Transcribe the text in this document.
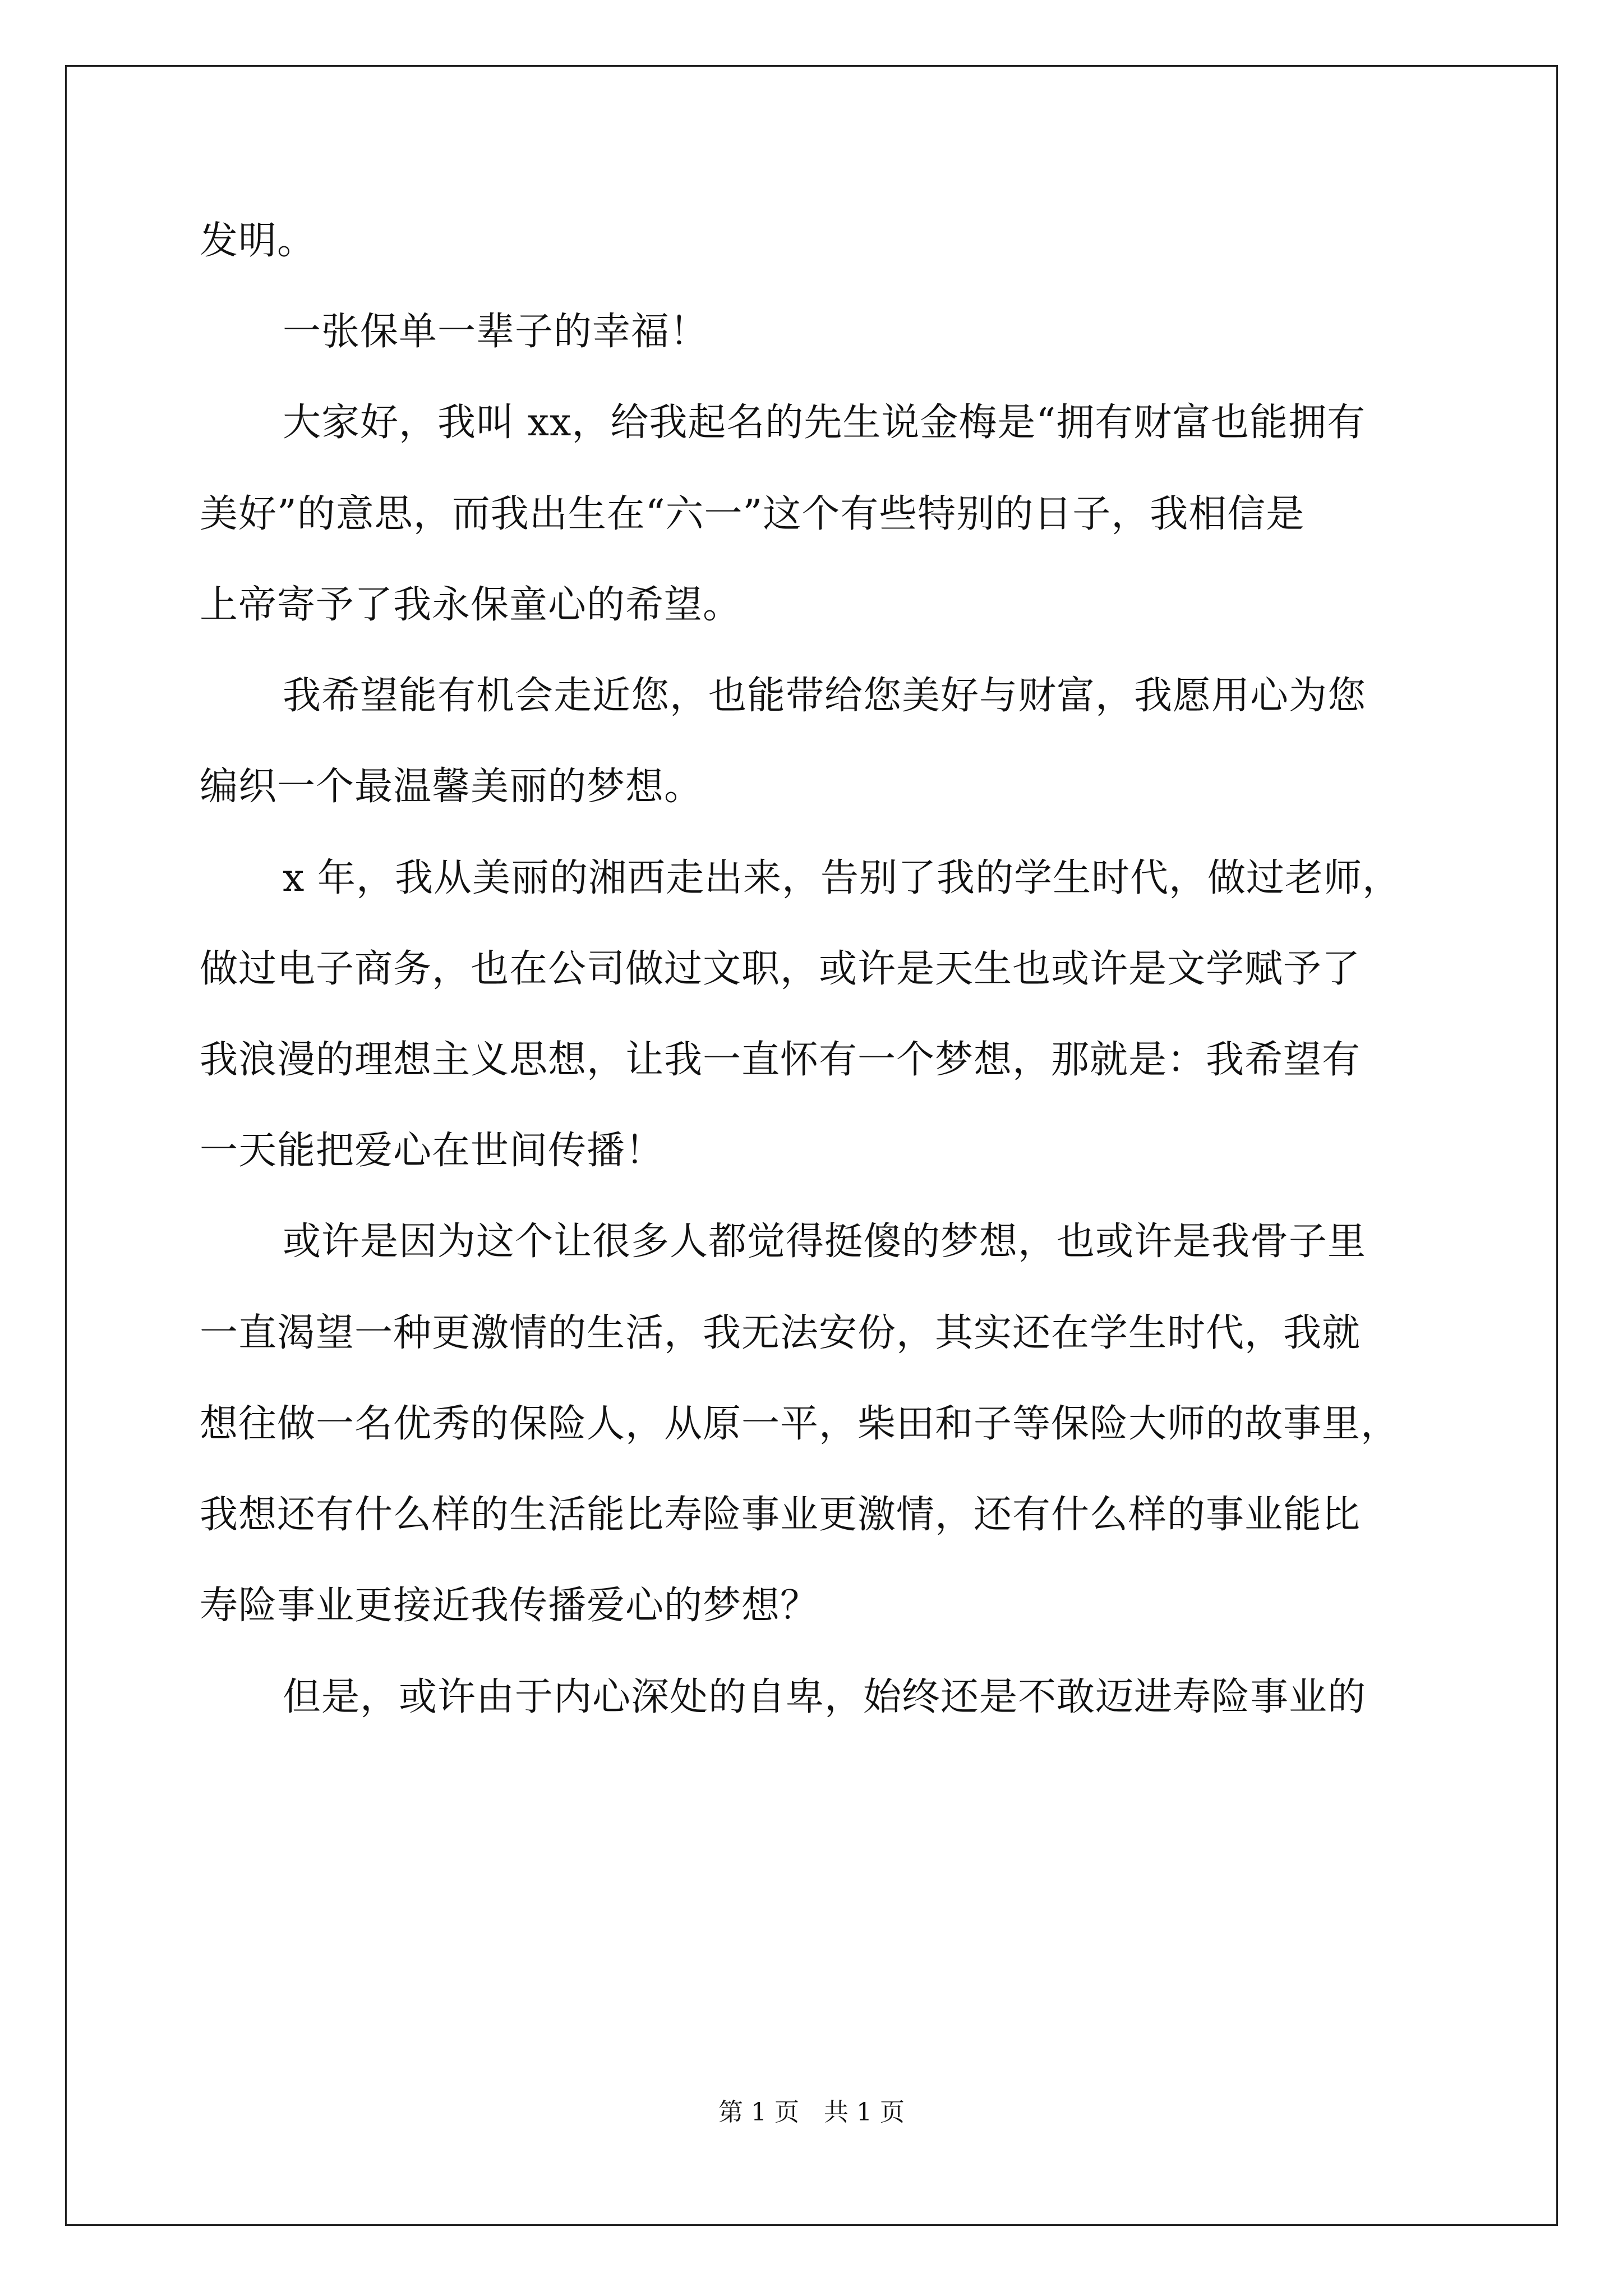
发明。
一张保单一辈子的幸福！
大家好，我叫 xx，给我起名的先生说金梅是“拥有财富也能拥有
美好”的意思，而我出生在“六一”这个有些特别的日子，我相信是
上帝寄予了我永保童心的希望。
我希望能有机会走近您，也能带给您美好与财富，我愿用心为您
编织一个最温馨美丽的梦想。
x 年，我从美丽的湘西走出来，告别了我的学生时代，做过老师，
做过电子商务，也在公司做过文职，或许是天生也或许是文学赋予了
我浪漫的理想主义思想，让我一直怀有一个梦想，那就是：我希望有
一天能把爱心在世间传播！
或许是因为这个让很多人都觉得挺傻的梦想，也或许是我骨子里
一直渴望一种更激情的生活，我无法安份，其实还在学生时代，我就
想往做一名优秀的保险人，从原一平，柴田和子等保险大师的故事里，
我想还有什么样的生活能比寿险事业更激情，还有什么样的事业能比
寿险事业更接近我传播爱心的梦想？
但是，或许由于内心深处的自卑，始终还是不敢迈进寿险事业的
第 1 页　共 1 页
